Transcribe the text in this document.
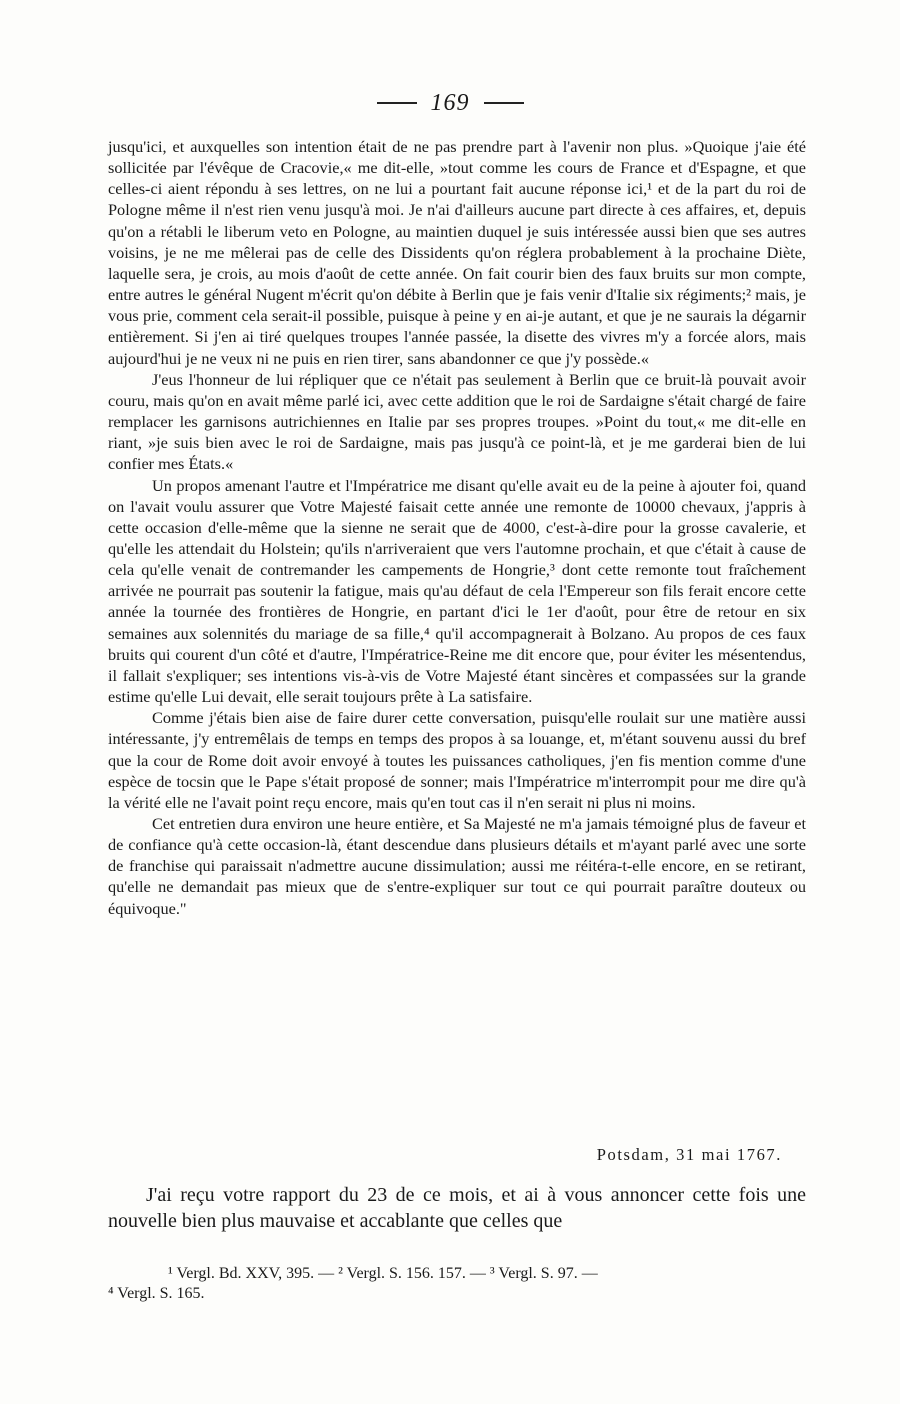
169

jusqu'ici, et auxquelles son intention était de ne pas prendre part à l'avenir non plus. »Quoique j'aie été sollicitée par l'évêque de Cracovie,« me dit-elle, »tout comme les cours de France et d'Espagne, et que celles-ci aient répondu à ses lettres, on ne lui a pourtant fait aucune réponse ici,¹ et de la part du roi de Pologne même il n'est rien venu jusqu'à moi. Je n'ai d'ailleurs aucune part directe à ces affaires, et, depuis qu'on a rétabli le liberum veto en Pologne, au maintien duquel je suis intéressée aussi bien que ses autres voisins, je ne me mêlerai pas de celle des Dissidents qu'on réglera probablement à la prochaine Diète, laquelle sera, je crois, au mois d'août de cette année. On fait courir bien des faux bruits sur mon compte, entre autres le général Nugent m'écrit qu'on débite à Berlin que je fais venir d'Italie six régiments;² mais, je vous prie, comment cela serait-il possible, puisque à peine y en ai-je autant, et que je ne saurais la dégarnir entièrement. Si j'en ai tiré quelques troupes l'année passée, la disette des vivres m'y a forcée alors, mais aujourd'hui je ne veux ni ne puis en rien tirer, sans abandonner ce que j'y possède.«

J'eus l'honneur de lui répliquer que ce n'était pas seulement à Berlin que ce bruit-là pouvait avoir couru, mais qu'on en avait même parlé ici, avec cette addition que le roi de Sardaigne s'était chargé de faire remplacer les garnisons autrichiennes en Italie par ses propres troupes. »Point du tout,« me dit-elle en riant, »je suis bien avec le roi de Sardaigne, mais pas jusqu'à ce point-là, et je me garderai bien de lui confier mes États.«

Un propos amenant l'autre et l'Impératrice me disant qu'elle avait eu de la peine à ajouter foi, quand on l'avait voulu assurer que Votre Majesté faisait cette année une remonte de 10000 chevaux, j'appris à cette occasion d'elle-même que la sienne ne serait que de 4000, c'est-à-dire pour la grosse cavalerie, et qu'elle les attendait du Holstein; qu'ils n'arriveraient que vers l'automne prochain, et que c'était à cause de cela qu'elle venait de contremander les campements de Hongrie,³ dont cette remonte tout fraîchement arrivée ne pourrait pas soutenir la fatigue, mais qu'au défaut de cela l'Empereur son fils ferait encore cette année la tournée des frontières de Hongrie, en partant d'ici le 1er d'août, pour être de retour en six semaines aux solennités du mariage de sa fille,⁴ qu'il accompagnerait à Bolzano. Au propos de ces faux bruits qui courent d'un côté et d'autre, l'Impératrice-Reine me dit encore que, pour éviter les mésentendus, il fallait s'expliquer; ses intentions vis-à-vis de Votre Majesté étant sincères et compassées sur la grande estime qu'elle Lui devait, elle serait toujours prête à La satisfaire.

Comme j'étais bien aise de faire durer cette conversation, puisqu'elle roulait sur une matière aussi intéressante, j'y entremêlais de temps en temps des propos à sa louange, et, m'étant souvenu aussi du bref que la cour de Rome doit avoir envoyé à toutes les puissances catholiques, j'en fis mention comme d'une espèce de tocsin que le Pape s'était proposé de sonner; mais l'Impératrice m'interrompit pour me dire qu'à la vérité elle ne l'avait point reçu encore, mais qu'en tout cas il n'en serait ni plus ni moins.

Cet entretien dura environ une heure entière, et Sa Majesté ne m'a jamais témoigné plus de faveur et de confiance qu'à cette occasion-là, étant descendue dans plusieurs détails et m'ayant parlé avec une sorte de franchise qui paraissait n'admettre aucune dissimulation; aussi me réitéra-t-elle encore, en se retirant, qu'elle ne demandait pas mieux que de s'entre-expliquer sur tout ce qui pourrait paraître douteux ou équivoque."

Potsdam, 31 mai 1767.

J'ai reçu votre rapport du 23 de ce mois, et ai à vous annoncer cette fois une nouvelle bien plus mauvaise et accablante que celles que

¹ Vergl. Bd. XXV, 395. — ² Vergl. S. 156. 157. — ³ Vergl. S. 97. —

⁴ Vergl. S. 165.
